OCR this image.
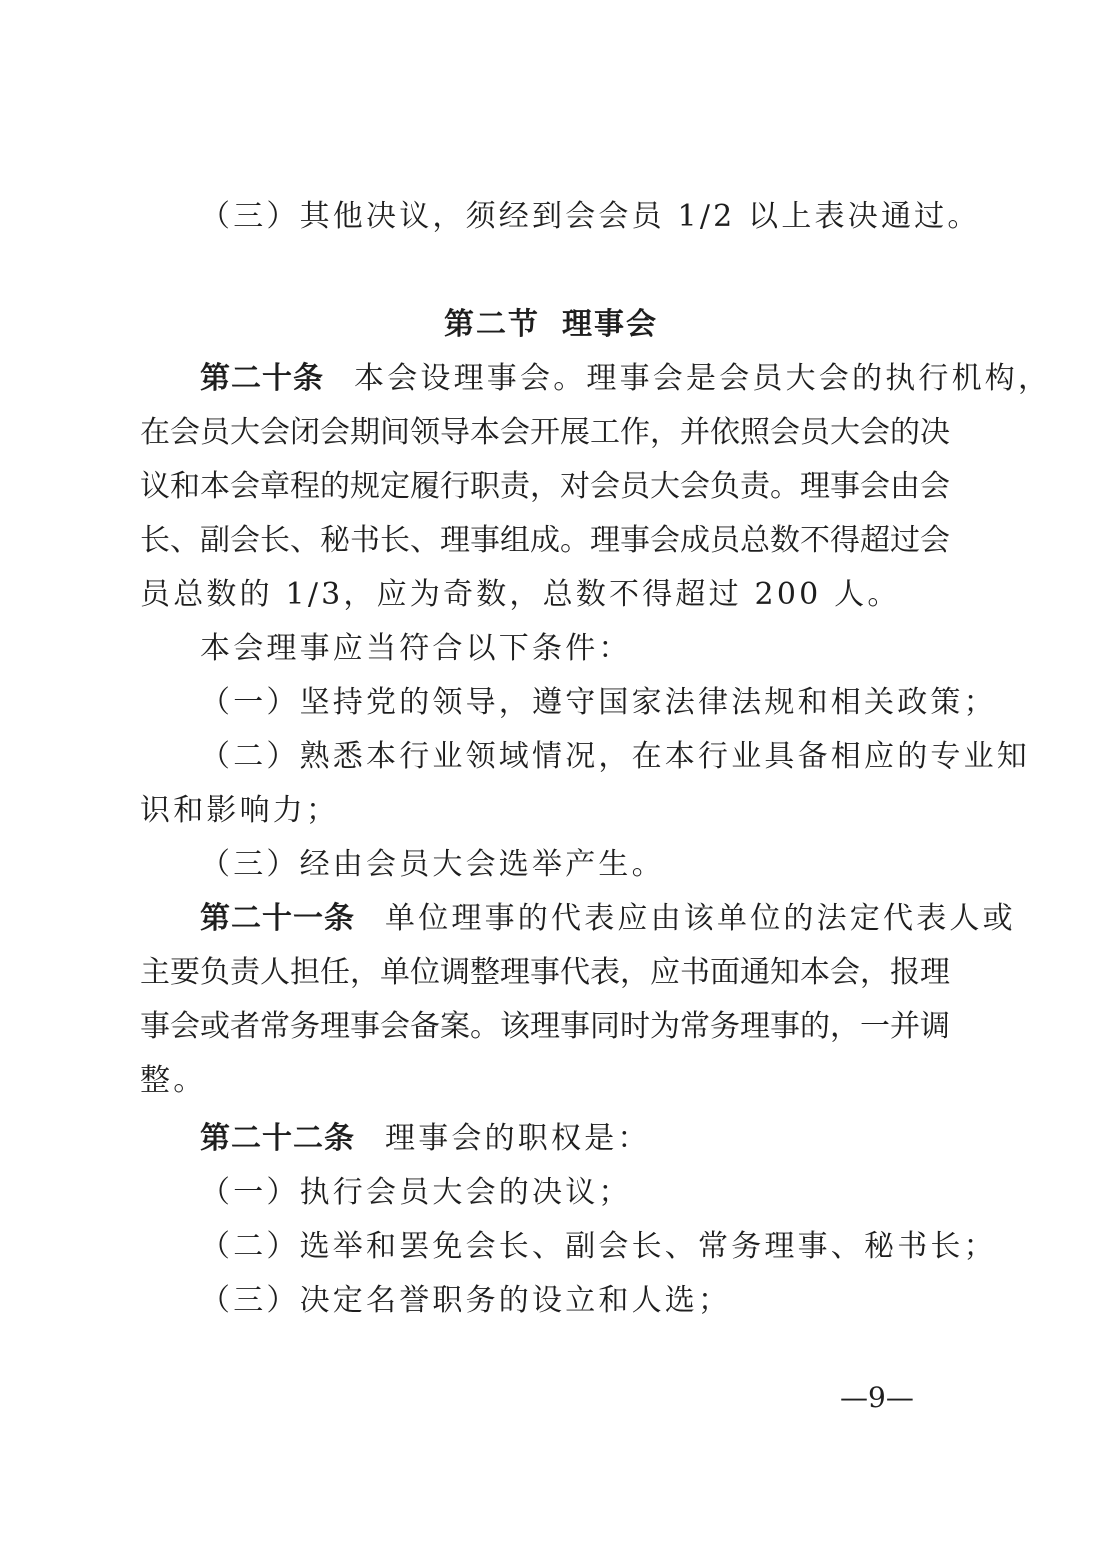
（三）其他决议，须经到会会员 1/2 以上表决通过。
第二节 理事会
第二十条 本会设理事会。理事会是会员大会的执行机构，
在会员大会闭会期间领导本会开展工作，并依照会员大会的决
议和本会章程的规定履行职责，对会员大会负责。理事会由会
长、副会长、秘书长、理事组成。理事会成员总数不得超过会
员总数的 1/3，应为奇数，总数不得超过 200 人。
本会理事应当符合以下条件：
（一）坚持党的领导，遵守国家法律法规和相关政策；
（二）熟悉本行业领域情况，在本行业具备相应的专业知
识和影响力；
（三）经由会员大会选举产生。
第二十一条 单位理事的代表应由该单位的法定代表人或
主要负责人担任，单位调整理事代表，应书面通知本会，报理
事会或者常务理事会备案。该理事同时为常务理事的，一并调
整。
第二十二条 理事会的职权是：
（一）执行会员大会的决议；
（二）选举和罢免会长、副会长、常务理事、秘书长；
（三）决定名誉职务的设立和人选；
—9—
